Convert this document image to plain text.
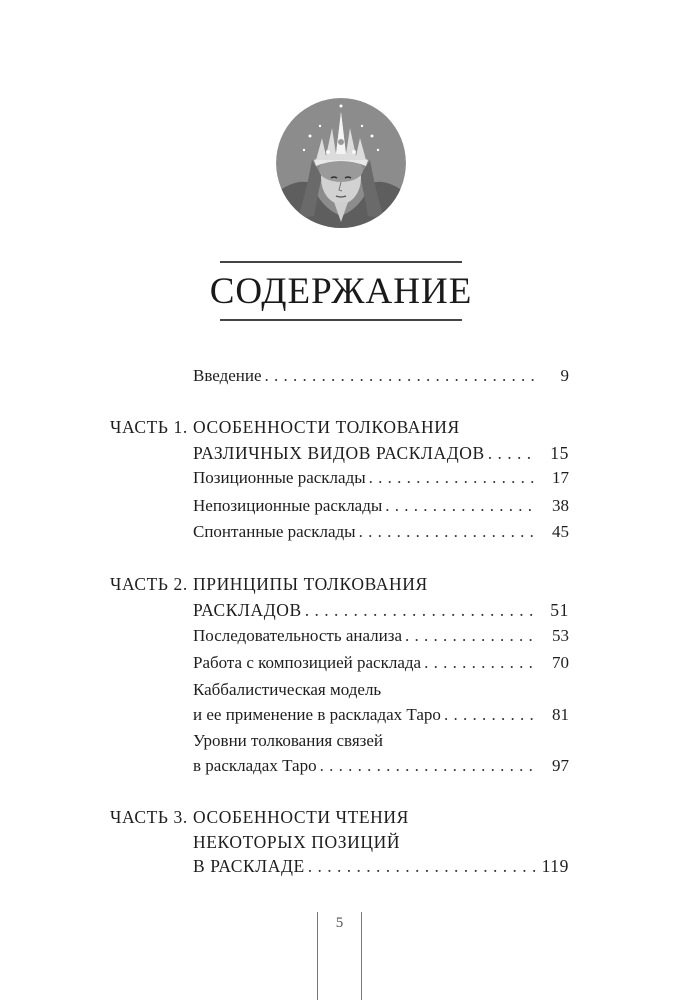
СОДЕРЖАНИЕ
Введение . . .	9
ЧАСТЬ 1. ОСОБЕННОСТИ ТОЛКОВАНИЯ
РАЗЛИЧНЫХ ВИДОВ РАСКЛАДОВ . . .	15
Позиционные расклады . . .	17
Непозиционные расклады . . .	38
Спонтанные расклады . . .	45
ЧАСТЬ 2. ПРИНЦИПЫ ТОЛКОВАНИЯ
РАСКЛАДОВ . . .	51
Последовательность анализа . . .	53
Работа с композицией расклада . . .	70
Каббалистическая модель
и ее применение в раскладах Таро . . .	81
Уровни толкования связей
в раскладах Таро . . .	97
ЧАСТЬ 3. ОСОБЕННОСТИ ЧТЕНИЯ
НЕКОТОРЫХ ПОЗИЦИЙ
В РАСКЛАДЕ . . .	119
5
